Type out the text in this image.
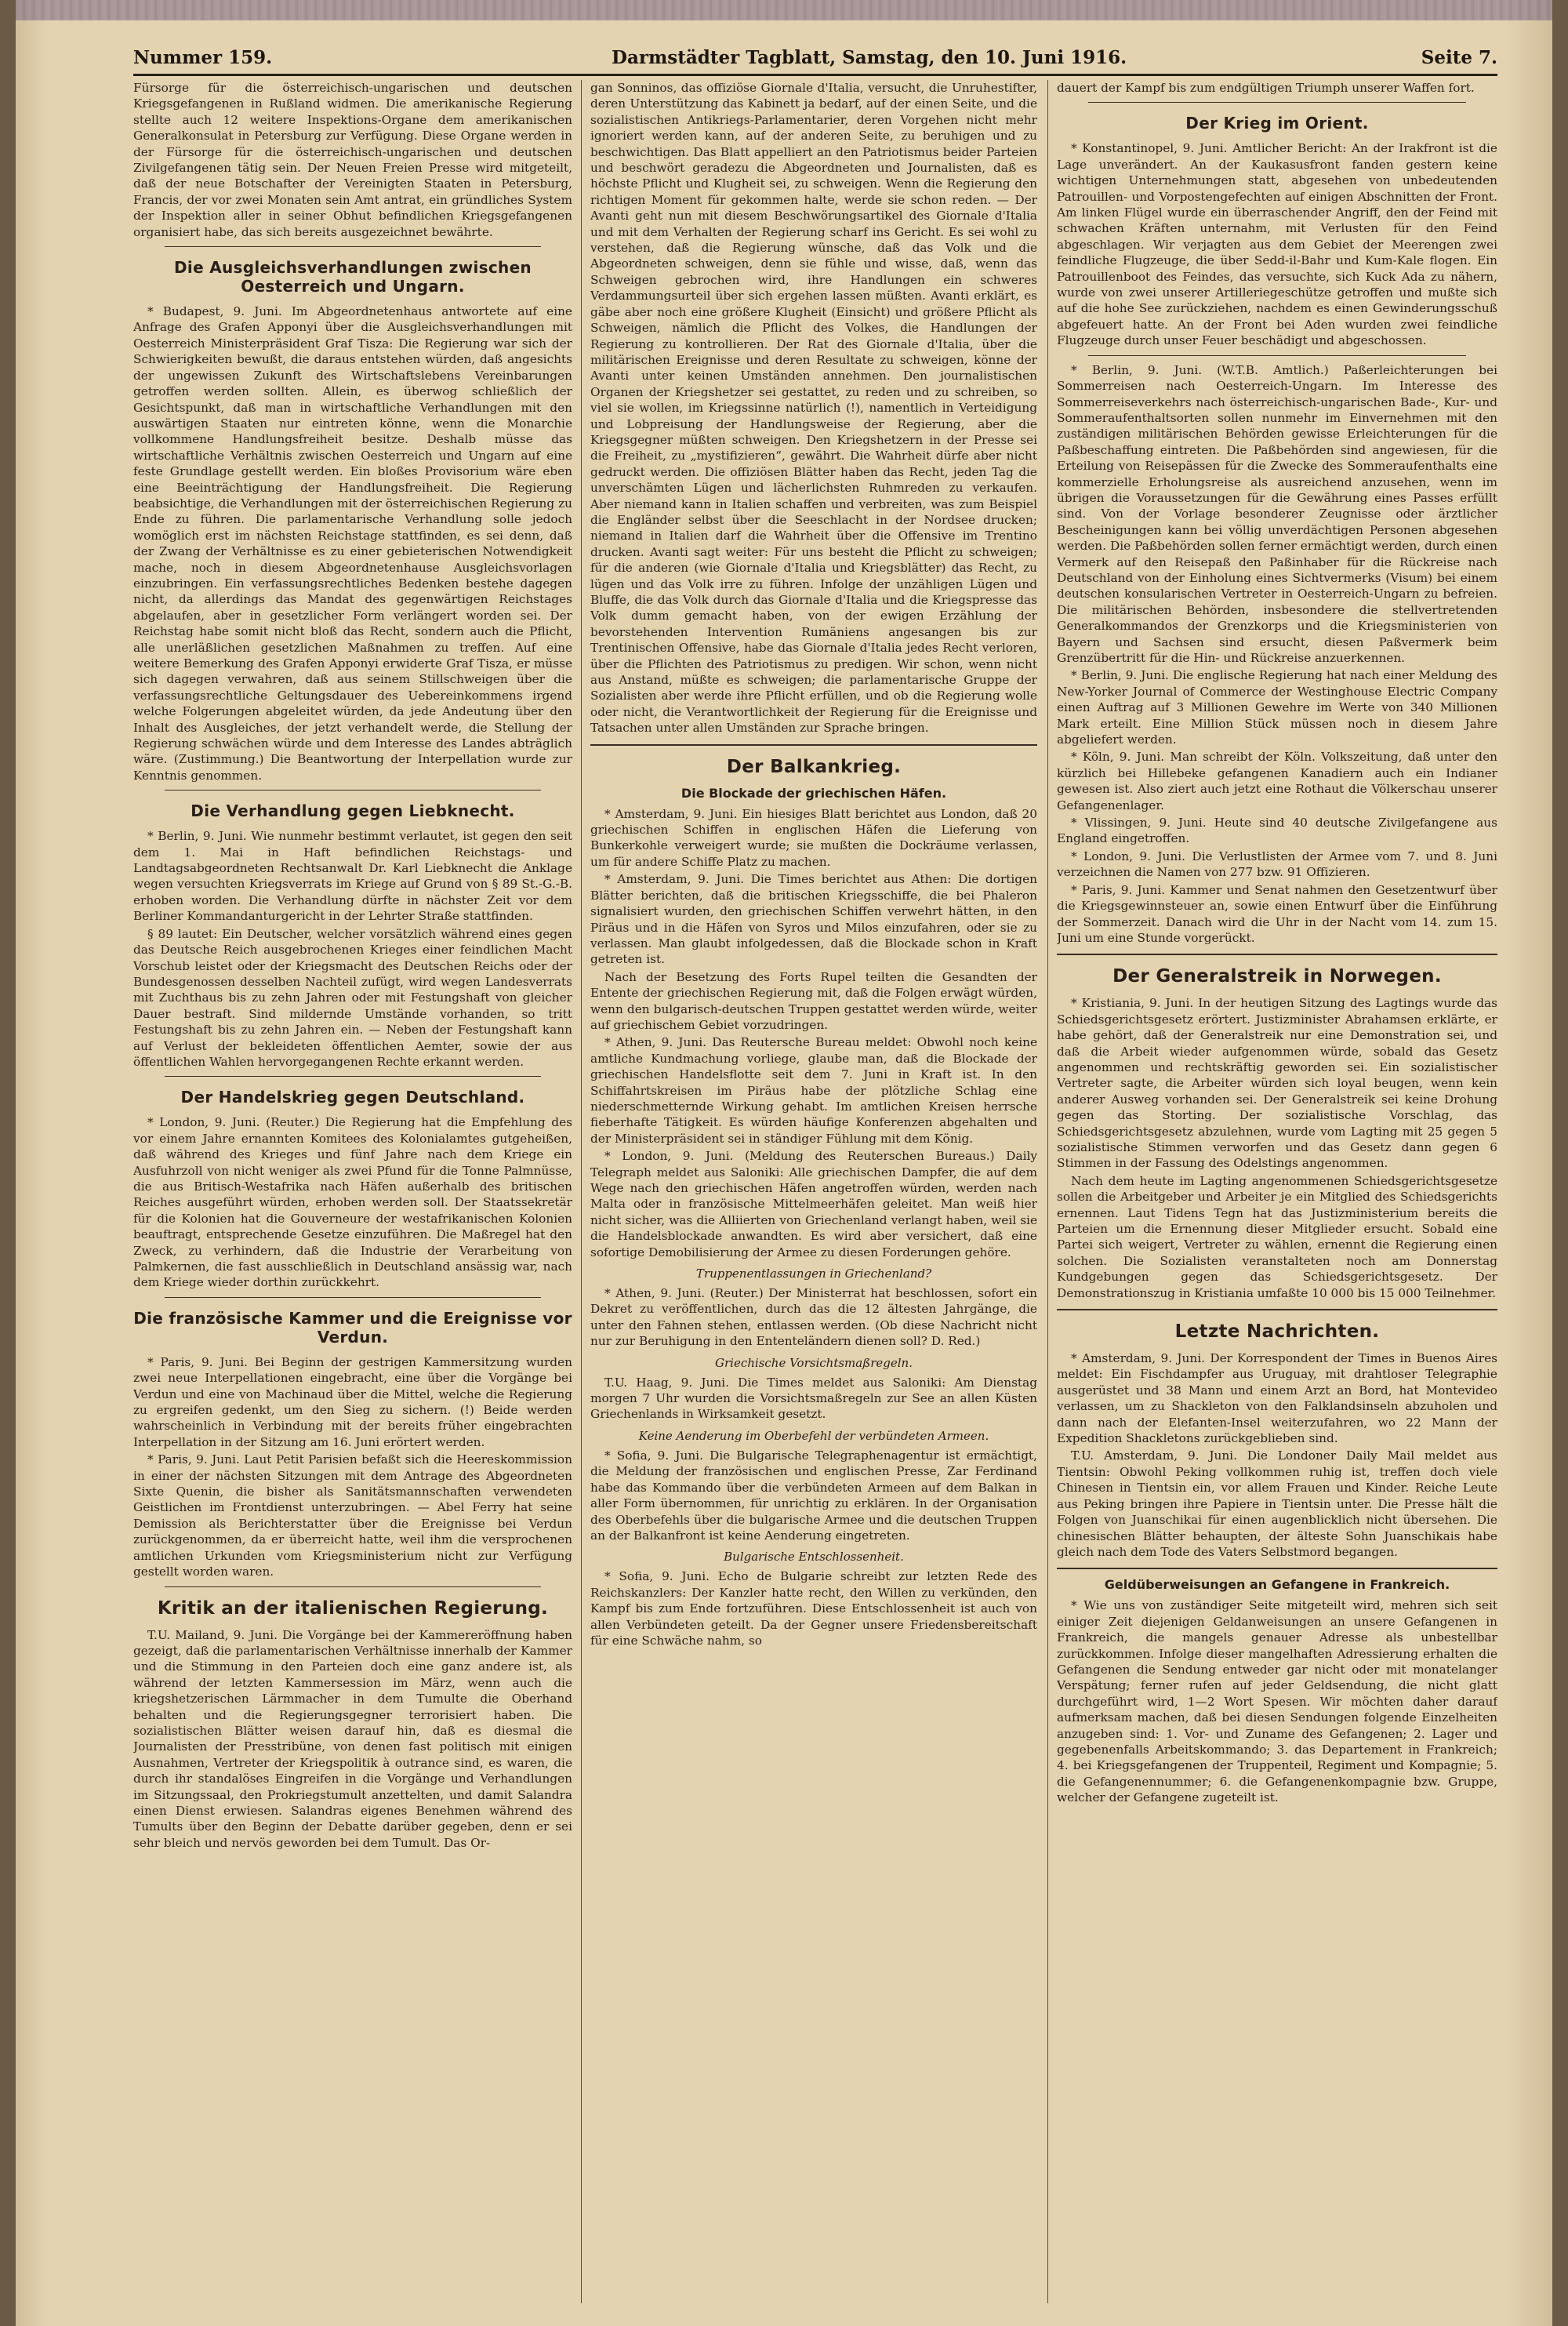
Nummer 159.	Darmstädter Tagblatt, Samstag, den 10. Juni 1916.	Seite 7.

Fürsorge für die österreichisch-ungarischen und deutschen Kriegsgefangenen in Rußland widmen. Die amerikanische Regierung stellte auch 12 weitere Inspektions-Organe dem amerikanischen Generalkonsulat in Petersburg zur Verfügung. Diese Organe werden in der Fürsorge für die österreichisch-ungarischen und deutschen Zivilgefangenen tätig sein. Der Neuen Freien Presse wird mitgeteilt, daß der neue Botschafter der Vereinigten Staaten in Petersburg, Francis, der vor zwei Monaten sein Amt antrat, ein gründliches System der Inspektion aller in seiner Obhut befindlichen Kriegsgefangenen organisiert habe, das sich bereits ausgezeichnet bewährte.

Die Ausgleichsverhandlungen zwischen Oesterreich und Ungarn.

* Budapest, 9. Juni. Im Abgeordnetenhaus antwortete auf eine Anfrage des Grafen Apponyi über die Ausgleichsverhandlungen mit Oesterreich Ministerpräsident Graf Tisza: Die Regierung war sich der Schwierigkeiten bewußt, die daraus entstehen würden, daß angesichts der ungewissen Zukunft des Wirtschaftslebens Vereinbarungen getroffen werden sollten. Allein, es überwog schließlich der Gesichtspunkt, daß man in wirtschaftliche Verhandlungen mit den auswärtigen Staaten nur eintreten könne, wenn die Monarchie vollkommene Handlungsfreiheit besitze. Deshalb müsse das wirtschaftliche Verhältnis zwischen Oesterreich und Ungarn auf eine feste Grundlage gestellt werden. Ein bloßes Provisorium wäre eben eine Beeinträchtigung der Handlungsfreiheit. Die Regierung beabsichtige, die Verhandlungen mit der österreichischen Regierung zu Ende zu führen. Die parlamentarische Verhandlung solle jedoch womöglich erst im nächsten Reichstage stattfinden, es sei denn, daß der Zwang der Verhältnisse es zu einer gebieterischen Notwendigkeit mache, noch in diesem Abgeordnetenhause Ausgleichsvorlagen einzubringen. Ein verfassungsrechtliches Bedenken bestehe dagegen nicht, da allerdings das Mandat des gegenwärtigen Reichstages abgelaufen, aber in gesetzlicher Form verlängert worden sei. Der Reichstag habe somit nicht bloß das Recht, sondern auch die Pflicht, alle unerläßlichen gesetzlichen Maßnahmen zu treffen. Auf eine weitere Bemerkung des Grafen Apponyi erwiderte Graf Tisza, er müsse sich dagegen verwahren, daß aus seinem Stillschweigen über die verfassungsrechtliche Geltungsdauer des Uebereinkommens irgend welche Folgerungen abgeleitet würden, da jede Andeutung über den Inhalt des Ausgleiches, der jetzt verhandelt werde, die Stellung der Regierung schwächen würde und dem Interesse des Landes abträglich wäre. (Zustimmung.) Die Beantwortung der Interpellation wurde zur Kenntnis genommen.

Die Verhandlung gegen Liebknecht.

* Berlin, 9. Juni. Wie nunmehr bestimmt verlautet, ist gegen den seit dem 1. Mai in Haft befindlichen Reichstags- und Landtagsabgeordneten Rechtsanwalt Dr. Karl Liebknecht die Anklage wegen versuchten Kriegsverrats im Kriege auf Grund von § 89 St.-G.-B. erhoben worden. Die Verhandlung dürfte in nächster Zeit vor dem Berliner Kommandanturgericht in der Lehrter Straße stattfinden.

§ 89 lautet: Ein Deutscher, welcher vorsätzlich während eines gegen das Deutsche Reich ausgebrochenen Krieges einer feindlichen Macht Vorschub leistet oder der Kriegsmacht des Deutschen Reichs oder der Bundesgenossen desselben Nachteil zufügt, wird wegen Landesverrats mit Zuchthaus bis zu zehn Jahren oder mit Festungshaft von gleicher Dauer bestraft. Sind mildernde Umstände vorhanden, so tritt Festungshaft bis zu zehn Jahren ein. — Neben der Festungshaft kann auf Verlust der bekleideten öffentlichen Aemter, sowie der aus öffentlichen Wahlen hervorgegangenen Rechte erkannt werden.

Der Handelskrieg gegen Deutschland.

* London, 9. Juni. (Reuter.) Die Regierung hat die Empfehlung des vor einem Jahre ernannten Komitees des Kolonialamtes gutgeheißen, daß während des Krieges und fünf Jahre nach dem Kriege ein Ausfuhrzoll von nicht weniger als zwei Pfund für die Tonne Palmnüsse, die aus Britisch-Westafrika nach Häfen außerhalb des britischen Reiches ausgeführt würden, erhoben werden soll. Der Staatssekretär für die Kolonien hat die Gouverneure der westafrikanischen Kolonien beauftragt, entsprechende Gesetze einzuführen. Die Maßregel hat den Zweck, zu verhindern, daß die Industrie der Verarbeitung von Palmkernen, die fast ausschließlich in Deutschland ansässig war, nach dem Kriege wieder dorthin zurückkehrt.

Die französische Kammer und die Ereignisse vor Verdun.

* Paris, 9. Juni. Bei Beginn der gestrigen Kammersitzung wurden zwei neue Interpellationen eingebracht, eine über die Vorgänge bei Verdun und eine von Machinaud über die Mittel, welche die Regierung zu ergreifen gedenkt, um den Sieg zu sichern. (!) Beide werden wahrscheinlich in Verbindung mit der bereits früher eingebrachten Interpellation in der Sitzung am 16. Juni erörtert werden.

* Paris, 9. Juni. Laut Petit Parisien befaßt sich die Heereskommission in einer der nächsten Sitzungen mit dem Antrage des Abgeordneten Sixte Quenin, die bisher als Sanitätsmannschaften verwendeten Geistlichen im Frontdienst unterzubringen. — Abel Ferry hat seine Demission als Berichterstatter über die Ereignisse bei Verdun zurückgenommen, da er überreicht hatte, weil ihm die versprochenen amtlichen Urkunden vom Kriegsministerium nicht zur Verfügung gestellt worden waren.

Kritik an der italienischen Regierung.

T.U. Mailand, 9. Juni. Die Vorgänge bei der Kammereröffnung haben gezeigt, daß die parlamentarischen Verhältnisse innerhalb der Kammer und die Stimmung in den Parteien doch eine ganz andere ist, als während der letzten Kammersession im März, wenn auch die kriegshetzerischen Lärmmacher in dem Tumulte die Oberhand behalten und die Regierungsgegner terrorisiert haben. Die sozialistischen Blätter weisen darauf hin, daß es diesmal die Journalisten der Presstribüne, von denen fast politisch mit einigen Ausnahmen, Vertreter der Kriegspolitik à outrance sind, es waren, die durch ihr standalöses Eingreifen in die Vorgänge und Verhandlungen im Sitzungssaal, den Prokriegstumult anzettelten, und damit Salandra einen Dienst erwiesen. Salandras eigenes Benehmen während des Tumults über den Beginn der Debatte darüber gegeben, denn er sei sehr bleich und nervös geworden bei dem Tumult. Das Or-

gan Sonninos, das offiziöse Giornale d'Italia, versucht, die Unruhestifter, deren Unterstützung das Kabinett ja bedarf, auf der einen Seite, und die sozialistischen Antikriegs-Parlamentarier, deren Vorgehen nicht mehr ignoriert werden kann, auf der anderen Seite, zu beruhigen und zu beschwichtigen. Das Blatt appelliert an den Patriotismus beider Parteien und beschwört geradezu die Abgeordneten und Journalisten, daß es höchste Pflicht und Klugheit sei, zu schweigen. Wenn die Regierung den richtigen Moment für gekommen halte, werde sie schon reden. — Der Avanti geht nun mit diesem Beschwörungsartikel des Giornale d'Italia und mit dem Verhalten der Regierung scharf ins Gericht. Es sei wohl zu verstehen, daß die Regierung wünsche, daß das Volk und die Abgeordneten schweigen, denn sie fühle und wisse, daß, wenn das Schweigen gebrochen wird, ihre Handlungen ein schweres Verdammungsurteil über sich ergehen lassen müßten. Avanti erklärt, es gäbe aber noch eine größere Klugheit (Einsicht) und größere Pflicht als Schweigen, nämlich die Pflicht des Volkes, die Handlungen der Regierung zu kontrollieren. Der Rat des Giornale d'Italia, über die militärischen Ereignisse und deren Resultate zu schweigen, könne der Avanti unter keinen Umständen annehmen. Den journalistischen Organen der Kriegshetzer sei gestattet, zu reden und zu schreiben, so viel sie wollen, im Kriegssinne natürlich (!), namentlich in Verteidigung und Lobpreisung der Handlungsweise der Regierung, aber die Kriegsgegner müßten schweigen. Den Kriegshetzern in der Presse sei die Freiheit, zu „mystifizieren“, gewährt. Die Wahrheit dürfe aber nicht gedruckt werden. Die offiziösen Blätter haben das Recht, jeden Tag die unverschämten Lügen und lächerlichsten Ruhmreden zu verkaufen. Aber niemand kann in Italien schaffen und verbreiten, was zum Beispiel die Engländer selbst über die Seeschlacht in der Nordsee drucken; niemand in Italien darf die Wahrheit über die Offensive im Trentino drucken. Avanti sagt weiter: Für uns besteht die Pflicht zu schweigen; für die anderen (wie Giornale d'Italia und Kriegsblätter) das Recht, zu lügen und das Volk irre zu führen. Infolge der unzähligen Lügen und Bluffe, die das Volk durch das Giornale d'Italia und die Kriegspresse das Volk dumm gemacht haben, von der ewigen Erzählung der bevorstehenden Intervention Rumäniens angesangen bis zur Trentinischen Offensive, habe das Giornale d'Italia jedes Recht verloren, über die Pflichten des Patriotismus zu predigen. Wir schon, wenn nicht aus Anstand, müßte es schweigen; die parlamentarische Gruppe der Sozialisten aber werde ihre Pflicht erfüllen, und ob die Regierung wolle oder nicht, die Verantwortlichkeit der Regierung für die Ereignisse und Tatsachen unter allen Umständen zur Sprache bringen.

Der Balkankrieg.
Die Blockade der griechischen Häfen.

* Amsterdam, 9. Juni. Ein hiesiges Blatt berichtet aus London, daß 20 griechischen Schiffen in englischen Häfen die Lieferung von Bunkerkohle verweigert wurde; sie mußten die Dockräume verlassen, um für andere Schiffe Platz zu machen.

* Amsterdam, 9. Juni. Die Times berichtet aus Athen: Die dortigen Blätter berichten, daß die britischen Kriegsschiffe, die bei Phaleron signalisiert wurden, den griechischen Schiffen verwehrt hätten, in den Piräus und in die Häfen von Syros und Milos einzufahren, oder sie zu verlassen. Man glaubt infolgedessen, daß die Blockade schon in Kraft getreten ist.

Nach der Besetzung des Forts Rupel teilten die Gesandten der Entente der griechischen Regierung mit, daß die Folgen erwägt würden, wenn den bulgarisch-deutschen Truppen gestattet werden würde, weiter auf griechischem Gebiet vorzudringen.

* Athen, 9. Juni. Das Reutersche Bureau meldet: Obwohl noch keine amtliche Kundmachung vorliege, glaube man, daß die Blockade der griechischen Handelsflotte seit dem 7. Juni in Kraft ist. In den Schiffahrtskreisen im Piräus habe der plötzliche Schlag eine niederschmetternde Wirkung gehabt. Im amtlichen Kreisen herrsche fieberhafte Tätigkeit. Es würden häufige Konferenzen abgehalten und der Ministerpräsident sei in ständiger Fühlung mit dem König.

* London, 9. Juni. (Meldung des Reuterschen Bureaus.) Daily Telegraph meldet aus Saloniki: Alle griechischen Dampfer, die auf dem Wege nach den griechischen Häfen angetroffen würden, werden nach Malta oder in französische Mittelmeerhäfen geleitet. Man weiß hier nicht sicher, was die Alliierten von Griechenland verlangt haben, weil sie die Handelsblockade anwandten. Es wird aber versichert, daß eine sofortige Demobilisierung der Armee zu diesen Forderungen gehöre.

Truppenentlassungen in Griechenland?

* Athen, 9. Juni. (Reuter.) Der Ministerrat hat beschlossen, sofort ein Dekret zu veröffentlichen, durch das die 12 ältesten Jahrgänge, die unter den Fahnen stehen, entlassen werden. (Ob diese Nachricht nicht nur zur Beruhigung in den Ententeländern dienen soll? D. Red.)

Griechische Vorsichtsmaßregeln.

T.U. Haag, 9. Juni. Die Times meldet aus Saloniki: Am Dienstag morgen 7 Uhr wurden die Vorsichtsmaßregeln zur See an allen Küsten Griechenlands in Wirksamkeit gesetzt.

Keine Aenderung im Oberbefehl der verbündeten Armeen.

* Sofia, 9. Juni. Die Bulgarische Telegraphenagentur ist ermächtigt, die Meldung der französischen und englischen Presse, Zar Ferdinand habe das Kommando über die verbündeten Armeen auf dem Balkan in aller Form übernommen, für unrichtig zu erklären. In der Organisation des Oberbefehls über die bulgarische Armee und die deutschen Truppen an der Balkanfront ist keine Aenderung eingetreten.

Bulgarische Entschlossenheit.

* Sofia, 9. Juni. Echo de Bulgarie schreibt zur letzten Rede des Reichskanzlers: Der Kanzler hatte recht, den Willen zu verkünden, den Kampf bis zum Ende fortzuführen. Diese Entschlossenheit ist auch von allen Verbündeten geteilt. Da der Gegner unsere Friedensbereitschaft für eine Schwäche nahm, so

dauert der Kampf bis zum endgültigen Triumph unserer Waffen fort.

Der Krieg im Orient.

* Konstantinopel, 9. Juni. Amtlicher Bericht: An der Irakfront ist die Lage unverändert. An der Kaukasusfront fanden gestern keine wichtigen Unternehmungen statt, abgesehen von unbedeutenden Patrouillen- und Vorpostengefechten auf einigen Abschnitten der Front. Am linken Flügel wurde ein überraschender Angriff, den der Feind mit schwachen Kräften unternahm, mit Verlusten für den Feind abgeschlagen. Wir verjagten aus dem Gebiet der Meerengen zwei feindliche Flugzeuge, die über Sedd-il-Bahr und Kum-Kale flogen. Ein Patrouillenboot des Feindes, das versuchte, sich Kuck Ada zu nähern, wurde von zwei unserer Artilleriegeschütze getroffen und mußte sich auf die hohe See zurückziehen, nachdem es einen Gewinderungsschuß abgefeuert hatte. An der Front bei Aden wurden zwei feindliche Flugzeuge durch unser Feuer beschädigt und abgeschossen.

* Berlin, 9. Juni. (W.T.B. Amtlich.) Paßerleichterungen bei Sommerreisen nach Oesterreich-Ungarn. Im Interesse des Sommerreiseverkehrs nach österreichisch-ungarischen Bade-, Kur- und Sommeraufenthaltsorten sollen nunmehr im Einvernehmen mit den zuständigen militärischen Behörden gewisse Erleichterungen für die Paßbeschaffung eintreten. Die Paßbehörden sind angewiesen, für die Erteilung von Reisepässen für die Zwecke des Sommeraufenthalts eine kommerzielle Erholungsreise als ausreichend anzusehen, wenn im übrigen die Voraussetzungen für die Gewährung eines Passes erfüllt sind. Von der Vorlage besonderer Zeugnisse oder ärztlicher Bescheinigungen kann bei völlig unverdächtigen Personen abgesehen werden. Die Paßbehörden sollen ferner ermächtigt werden, durch einen Vermerk auf den Reisepaß den Paßinhaber für die Rückreise nach Deutschland von der Einholung eines Sichtvermerks (Visum) bei einem deutschen konsularischen Vertreter in Oesterreich-Ungarn zu befreien. Die militärischen Behörden, insbesondere die stellvertretenden Generalkommandos der Grenzkorps und die Kriegsministerien von Bayern und Sachsen sind ersucht, diesen Paßvermerk beim Grenzübertritt für die Hin- und Rückreise anzuerkennen.

* Berlin, 9. Juni. Die englische Regierung hat nach einer Meldung des New-Yorker Journal of Commerce der Westinghouse Electric Company einen Auftrag auf 3 Millionen Gewehre im Werte von 340 Millionen Mark erteilt. Eine Million Stück müssen noch in diesem Jahre abgeliefert werden.

* Köln, 9. Juni. Man schreibt der Köln. Volkszeitung, daß unter den kürzlich bei Hillebeke gefangenen Kanadiern auch ein Indianer gewesen ist. Also ziert auch jetzt eine Rothaut die Völkerschau unserer Gefangenenlager.

* Vlissingen, 9. Juni. Heute sind 40 deutsche Zivilgefangene aus England eingetroffen.

* London, 9. Juni. Die Verlustlisten der Armee vom 7. und 8. Juni verzeichnen die Namen von 277 bzw. 91 Offizieren.

* Paris, 9. Juni. Kammer und Senat nahmen den Gesetzentwurf über die Kriegsgewinnsteuer an, sowie einen Entwurf über die Einführung der Sommerzeit. Danach wird die Uhr in der Nacht vom 14. zum 15. Juni um eine Stunde vorgerückt.

Der Generalstreik in Norwegen.

* Kristiania, 9. Juni. In der heutigen Sitzung des Lagtings wurde das Schiedsgerichtsgesetz erörtert. Justizminister Abrahamsen erklärte, er habe gehört, daß der Generalstreik nur eine Demonstration sei, und daß die Arbeit wieder aufgenommen würde, sobald das Gesetz angenommen und rechtskräftig geworden sei. Ein sozialistischer Vertreter sagte, die Arbeiter würden sich loyal beugen, wenn kein anderer Ausweg vorhanden sei. Der Generalstreik sei keine Drohung gegen das Storting. Der sozialistische Vorschlag, das Schiedsgerichtsgesetz abzulehnen, wurde vom Lagting mit 25 gegen 5 sozialistische Stimmen verworfen und das Gesetz dann gegen 6 Stimmen in der Fassung des Odelstings angenommen.

Nach dem heute im Lagting angenommenen Schiedsgerichtsgesetze sollen die Arbeitgeber und Arbeiter je ein Mitglied des Schiedsgerichts ernennen. Laut Tidens Tegn hat das Justizministerium bereits die Parteien um die Ernennung dieser Mitglieder ersucht. Sobald eine Partei sich weigert, Vertreter zu wählen, ernennt die Regierung einen solchen. Die Sozialisten veranstalteten noch am Donnerstag Kundgebungen gegen das Schiedsgerichtsgesetz. Der Demonstrationszug in Kristiania umfaßte 10 000 bis 15 000 Teilnehmer.

Letzte Nachrichten.

* Amsterdam, 9. Juni. Der Korrespondent der Times in Buenos Aires meldet: Ein Fischdampfer aus Uruguay, mit drahtloser Telegraphie ausgerüstet und 38 Mann und einem Arzt an Bord, hat Montevideo verlassen, um zu Shackleton von den Falklandsinseln abzuholen und dann nach der Elefanten-Insel weiterzufahren, wo 22 Mann der Expedition Shackletons zurückgeblieben sind.

T.U. Amsterdam, 9. Juni. Die Londoner Daily Mail meldet aus Tientsin: Obwohl Peking vollkommen ruhig ist, treffen doch viele Chinesen in Tientsin ein, vor allem Frauen und Kinder. Reiche Leute aus Peking bringen ihre Papiere in Tientsin unter. Die Presse hält die Folgen von Juanschikai für einen augenblicklich nicht übersehen. Die chinesischen Blätter behaupten, der älteste Sohn Juanschikais habe gleich nach dem Tode des Vaters Selbstmord begangen.

Geldüberweisungen an Gefangene in Frankreich.

* Wie uns von zuständiger Seite mitgeteilt wird, mehren sich seit einiger Zeit diejenigen Geldanweisungen an unsere Gefangenen in Frankreich, die mangels genauer Adresse als unbestellbar zurückkommen. Infolge dieser mangelhaften Adressierung erhalten die Gefangenen die Sendung entweder gar nicht oder mit monatelanger Verspätung; ferner rufen auf jeder Geldsendung, die nicht glatt durchgeführt wird, 1—2 Wort Spesen. Wir möchten daher darauf aufmerksam machen, daß bei diesen Sendungen folgende Einzelheiten anzugeben sind: 1. Vor- und Zuname des Gefangenen; 2. Lager und gegebenenfalls Arbeitskommando; 3. das Departement in Frankreich; 4. bei Kriegsgefangenen der Truppenteil, Regiment und Kompagnie; 5. die Gefangenennummer; 6. die Gefangenenkompagnie bzw. Gruppe, welcher der Gefangene zugeteilt ist.
